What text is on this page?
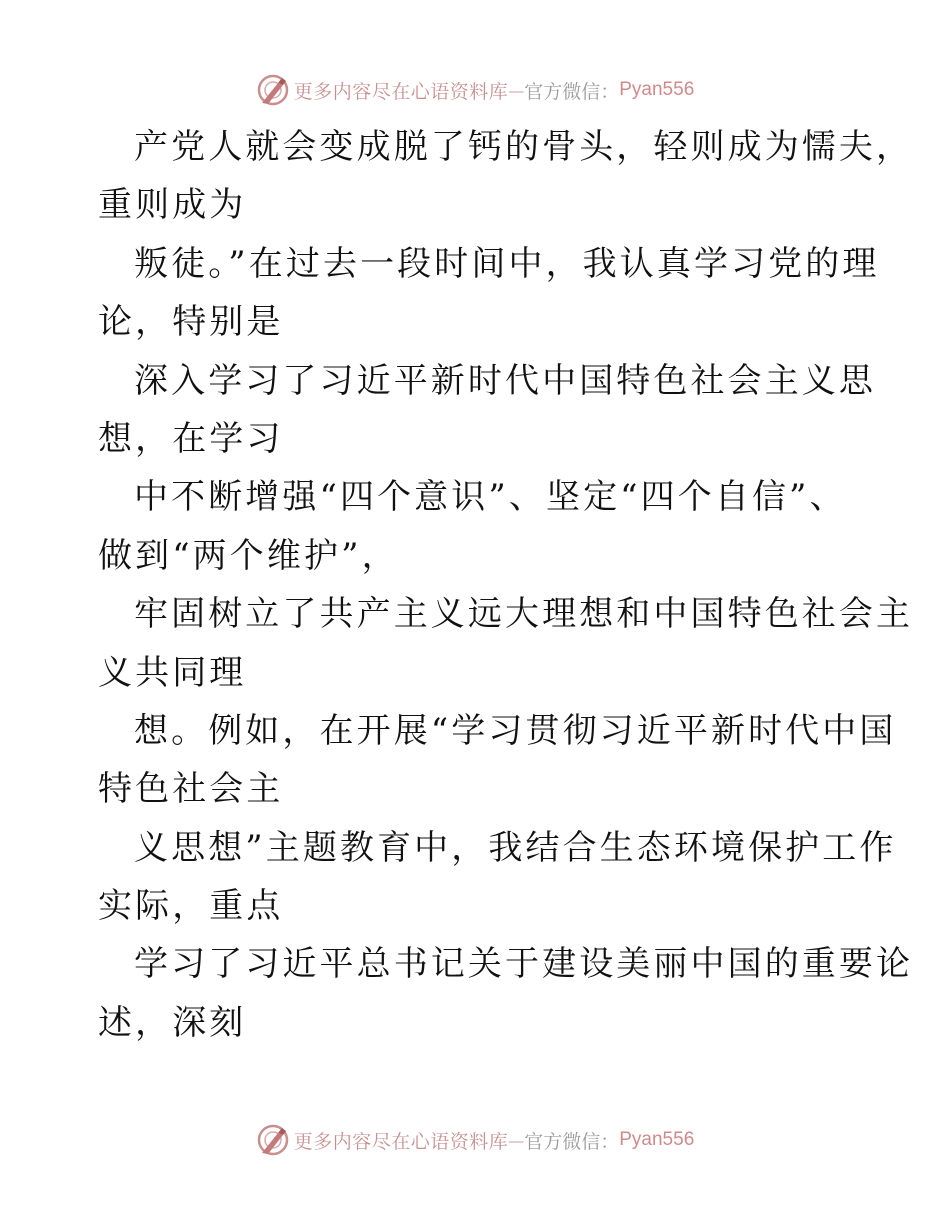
更多内容尽在心语资料库 — 官方微信： Pyan556
产党人就会变成脱了钙的骨头，轻则成为懦夫，
重则成为
叛徒。”在过去一段时间中，我认真学习党的理
论，特别是
深入学习了习近平新时代中国特色社会主义思
想，在学习
中不断增强“四个意识”、坚定“四个自信”、
做到“两个维护”，
牢固树立了共产主义远大理想和中国特色社会主
义共同理
想。例如，在开展“学习贯彻习近平新时代中国
特色社会主
义思想”主题教育中，我结合生态环境保护工作
实际，重点
学习了习近平总书记关于建设美丽中国的重要论
述，深刻
更多内容尽在心语资料库 — 官方微信： Pyan556
